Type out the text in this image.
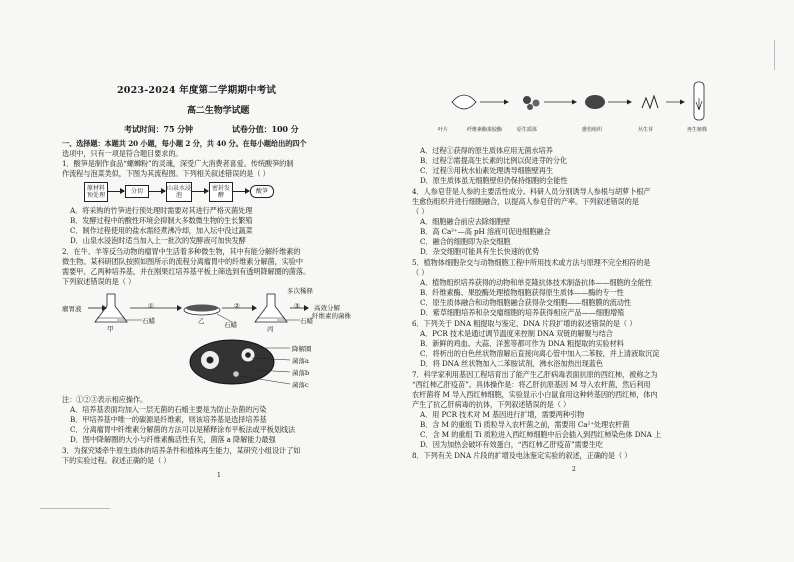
2023-2024 年度第二学期期中考试
高二生物学试题
考试时间：75 分钟	试卷分值：100 分
一、选择题：本题共 20 小题，每小题 2 分，共 40 分。在每小题给出的四个
选项中，只有一项是符合题目要求的。
1．酸笋是制作食品“螺蛳粉”的灵魂，深受广大消费者喜爱。传统酸笋的制
作流程与泡菜类似，下图为其流程图。下列相关叙述错误的是（ ）
原材料预处理
分切	山泉水浸泡
密封发酵
酸笋
A．将采购的竹笋进行预处理时需要对其进行严格灭菌处理
B．发酵过程中的酸性环境会抑制大多数微生物的生长繁殖
C．制作过程使用的盐水需经煮沸冷却，加入坛中没过蔬菜
D．山泉水浸泡时适当加入上一批次的发酵液可加快发酵
2．在牛、羊等反刍动物的瘤胃中生活着多种微生物，其中有能分解纤维素的
微生物。某科研团队按照如图所示的流程分离瘤胃中的纤维素分解菌，实验中
需要甲、乙两种培养基，并在刚果红培养基平板上筛选到有透明降解圈的菌落。
下列叙述错误的是（ ）
瘤胃液	①	②	③
石蜡	石蜡	石蜡
甲
乙
丙
多次稀释
高效分解
纤维素的菌株
降解圈
菌落a
菌落b
菌落c
注：①②③表示相应操作。
A．培养基表面均加入一层无菌的石蜡主要是为防止杂菌的污染
B．甲培养基中唯一的碳源是纤维素，则该培养基是选择培养基
C．分离瘤胃中纤维素分解菌的方法可以是稀释涂布平板法或平板划线法
D．图中降解圈的大小与纤维素酶活性有关，菌落 a 降解能力最强
3．为探究矮牵牛原生质体的培养条件和植株再生能力，某研究小组设计了如
下的实验过程。叙述正确的是（ ）
1
叶片	纤维素酶果胶酶	原生质体	愈伤组织	丛生芽	再生植株
A．过程①获得的原生质体应用无菌水培养
B．过程②需提高生长素的比例以促进芽的分化
C．过程③用秋水仙素处理诱导细胞壁再生
D．原生质体虽无细胞壁但仍保持细胞的全能性
4．人参皂苷是人参的主要活性成分。科研人员分别诱导人参根与胡萝卜根产
生愈伤组织并进行细胞融合，以提高人参皂苷的产率。下列叙述错误的是
（ ）
A．细胞融合前应去除细胞壁
B．高 Ca²⁺—高 pH 溶液可促进细胞融合
C．融合的细胞即为杂交细胞
D．杂交细胞可能具有生长快速的优势
5．植物体细胞杂交与动物细胞工程中所用技术或方法与原理不完全相符的是
（ ）
A．植物组织培养获得的动物和单克隆抗体技术制备抗体——细胞的全能性
B．纤维素酶、果胶酶处理植物细胞获得原生质体——酶的专一性
C．原生质体融合和动物细胞融合获得杂交细胞——细胞膜的流动性
D．紫草细胞培养和杂交瘤细胞的培养获得相应产品——细胞增殖
6．下列关于 DNA 粗提取与鉴定、DNA 片段扩增的叙述错误的是（ ）
A．PCR 技术是通过调节温度来控制 DNA 双链的解聚与结合
B．新鲜的鸡血、大蒜、洋葱等都可作为 DNA 粗提取的实验材料
C．将析出的白色丝状物溶解后直接向离心管中加入二苯胺，并上清液取沉淀
D．将 DNA 丝状物加入二苯胺试剂，沸水浴加热出现蓝色
7．科学家利用基因工程培育出了能产生乙肝病毒表面抗原的西红柿，被称之为
“西红柿乙肝疫苗”。具体操作是：将乙肝抗原基因 M 导入农杆菌，然后利用
农杆菌将 M 导入西红柿细胞，实验显示小白鼠食用这种转基因的西红柿，体内
产生了抗乙肝病毒的抗体，下列叙述错误的是（ ）
A．用 PCR 技术对 M 基因进行扩增，需要两种引物
B．含 M 的重组 Ti 质粒导入农杆菌之前，需要用 Ca²⁺处理农杆菌
C．含 M 的重组 Ti 质粒进入西红柿细胞中后会插入到西红柿染色体 DNA 上
D．因为加热会破坏有效蛋白，“西红柿乙肝疫苗”需要生吃
8．下列有关 DNA 片段的扩增及电泳鉴定实验的叙述，正确的是（ ）
2
